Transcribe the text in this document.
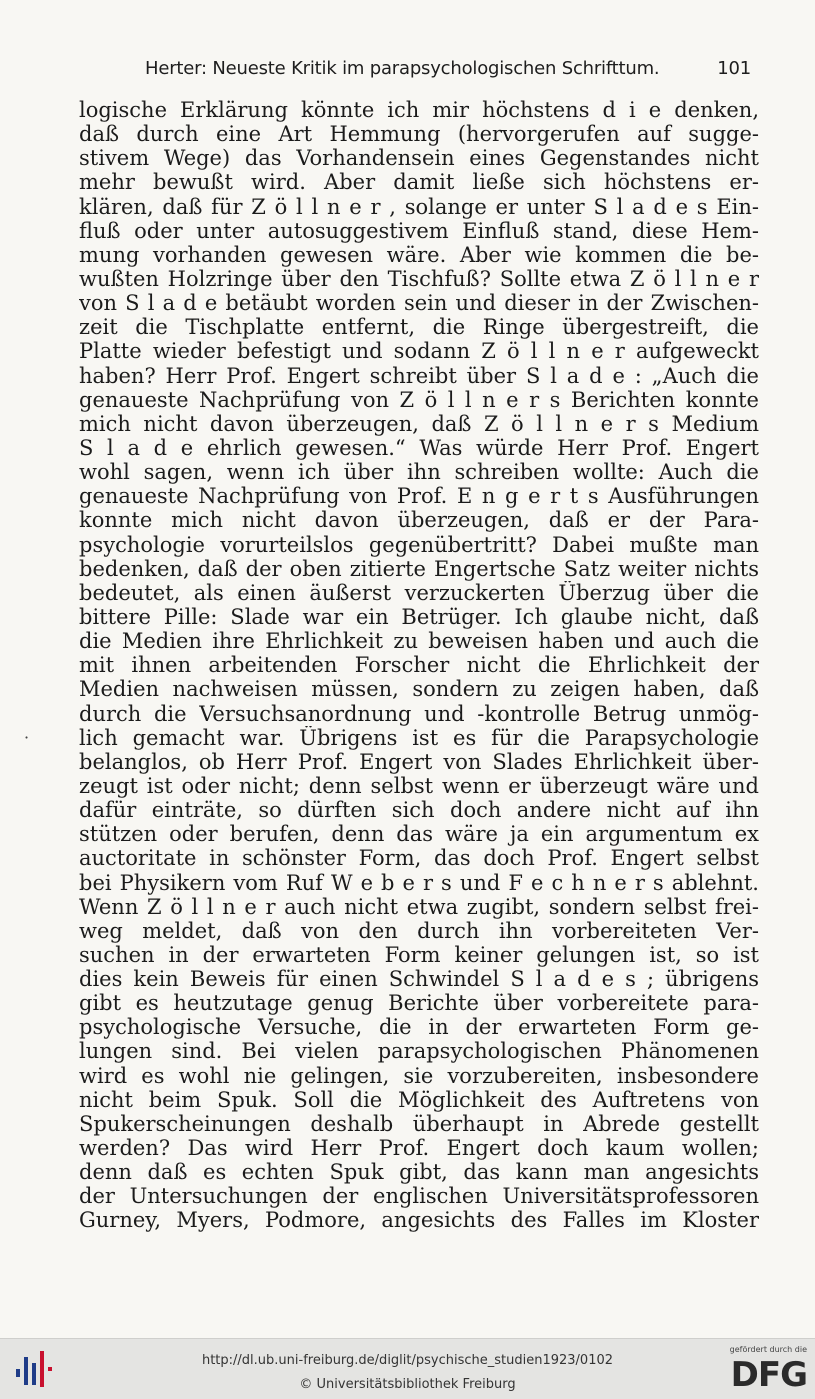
Herter: Neueste Kritik im parapsychologischen Schrifttum.	101
logische Erklärung könnte ich mir höchstens d i e denken,
daß durch eine Art Hemmung (hervorgerufen auf sugge-
stivem Wege) das Vorhandensein eines Gegenstandes nicht
mehr bewußt wird. Aber damit ließe sich höchstens er-
klären, daß für Z ö l l n e r , solange er unter S l a d e s Ein-
fluß oder unter autosuggestivem Einfluß stand, diese Hem-
mung vorhanden gewesen wäre. Aber wie kommen die be-
wußten Holzringe über den Tischfuß? Sollte etwa Z ö l l n e r
von S l a d e betäubt worden sein und dieser in der Zwischen-
zeit die Tischplatte entfernt, die Ringe übergestreift, die
Platte wieder befestigt und sodann Z ö l l n e r aufgeweckt
haben? Herr Prof. Engert schreibt über S l a d e : „Auch die
genaueste Nachprüfung von Z ö l l n e r s Berichten konnte
mich nicht davon überzeugen, daß Z ö l l n e r s Medium
S l a d e ehrlich gewesen.“ Was würde Herr Prof. Engert
wohl sagen, wenn ich über ihn schreiben wollte: Auch die
genaueste Nachprüfung von Prof. E n g e r t s Ausführungen
konnte mich nicht davon überzeugen, daß er der Para-
psychologie vorurteilslos gegenübertritt? Dabei mußte man
bedenken, daß der oben zitierte Engertsche Satz weiter nichts
bedeutet, als einen äußerst verzuckerten Überzug über die
bittere Pille: Slade war ein Betrüger. Ich glaube nicht, daß
die Medien ihre Ehrlichkeit zu beweisen haben und auch die
mit ihnen arbeitenden Forscher nicht die Ehrlichkeit der
Medien nachweisen müssen, sondern zu zeigen haben, daß
durch die Versuchsanordnung und -kontrolle Betrug unmög-
lich gemacht war. Übrigens ist es für die Parapsychologie
belanglos, ob Herr Prof. Engert von Slades Ehrlichkeit über-
zeugt ist oder nicht; denn selbst wenn er überzeugt wäre und
dafür einträte, so dürften sich doch andere nicht auf ihn
stützen oder berufen, denn das wäre ja ein argumentum ex
auctoritate in schönster Form, das doch Prof. Engert selbst
bei Physikern vom Ruf W e b e r s und F e c h n e r s ablehnt.
Wenn Z ö l l n e r auch nicht etwa zugibt, sondern selbst frei-
weg meldet, daß von den durch ihn vorbereiteten Ver-
suchen in der erwarteten Form keiner gelungen ist, so ist
dies kein Beweis für einen Schwindel S l a d e s ; übrigens
gibt es heutzutage genug Berichte über vorbereitete para-
psychologische Versuche, die in der erwarteten Form ge-
lungen sind. Bei vielen parapsychologischen Phänomenen
wird es wohl nie gelingen, sie vorzubereiten, insbesondere
nicht beim Spuk. Soll die Möglichkeit des Auftretens von
Spukerscheinungen deshalb überhaupt in Abrede gestellt
werden? Das wird Herr Prof. Engert doch kaum wollen;
denn daß es echten Spuk gibt, das kann man angesichts
der Untersuchungen der englischen Universitätsprofessoren
Gurney, Myers, Podmore, angesichts des Falles im Kloster
·
http://dl.ub.uni-freiburg.de/diglit/psychische_studien1923/0102
© Universitätsbibliothek Freiburg
gefördert durch die
DFG
